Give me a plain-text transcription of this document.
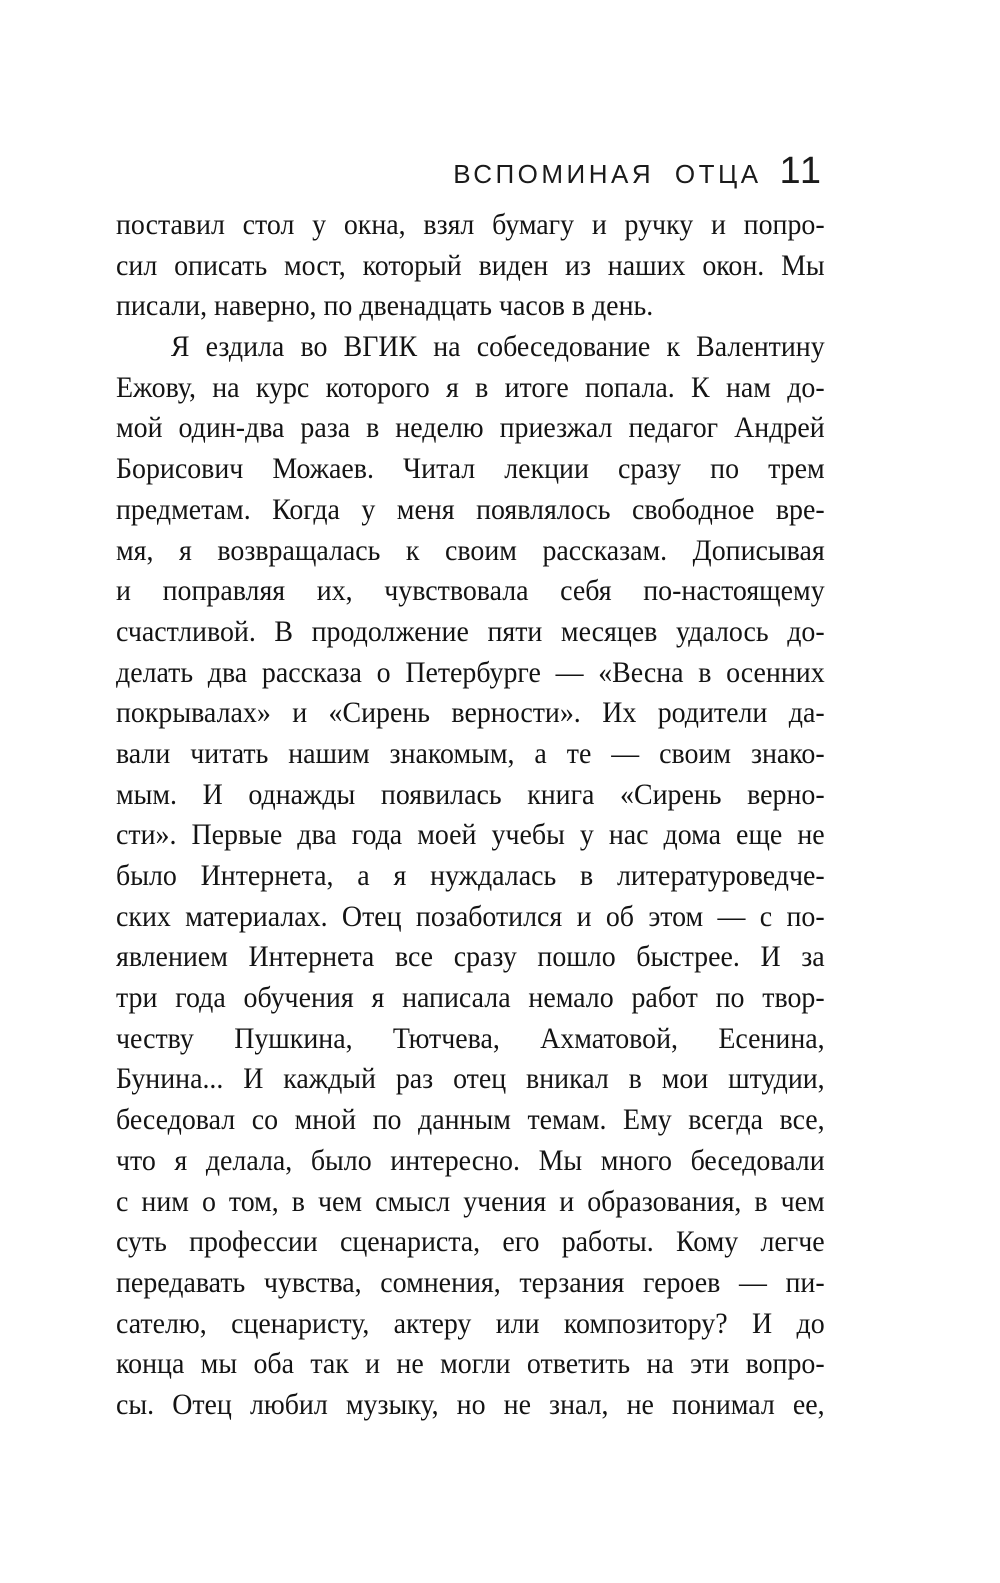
ВСПОМИНАЯ ОТЦА 11
поставил стол у окна, взял бумагу и ручку и попро-
сил описать мост, который виден из наших окон. Мы
писали, наверно, по двенадцать часов в день.
Я ездила во ВГИК на собеседование к Валентину
Ежову, на курс которого я в итоге попала. К нам до-
мой один-два раза в неделю приезжал педагог Андрей
Борисович Можаев. Читал лекции сразу по трем
предметам. Когда у меня появлялось свободное вре-
мя, я возвращалась к своим рассказам. Дописывая
и поправляя их, чувствовала себя по-настоящему
счастливой. В продолжение пяти месяцев удалось до-
делать два рассказа о Петербурге — «Весна в осенних
покрывалах» и «Сирень верности». Их родители да-
вали читать нашим знакомым, а те — своим знако-
мым. И однажды появилась книга «Сирень верно-
сти». Первые два года моей учебы у нас дома еще не
было Интернета, а я нуждалась в литературоведче-
ских материалах. Отец позаботился и об этом — с по-
явлением Интернета все сразу пошло быстрее. И за
три года обучения я написала немало работ по твор-
честву Пушкина, Тютчева, Ахматовой, Есенина,
Бунина... И каждый раз отец вникал в мои штудии,
беседовал со мной по данным темам. Ему всегда все,
что я делала, было интересно. Мы много беседовали
с ним о том, в чем смысл учения и образования, в чем
суть профессии сценариста, его работы. Кому легче
передавать чувства, сомнения, терзания героев — пи-
сателю, сценаристу, актеру или композитору? И до
конца мы оба так и не могли ответить на эти вопро-
сы. Отец любил музыку, но не знал, не понимал ее,
